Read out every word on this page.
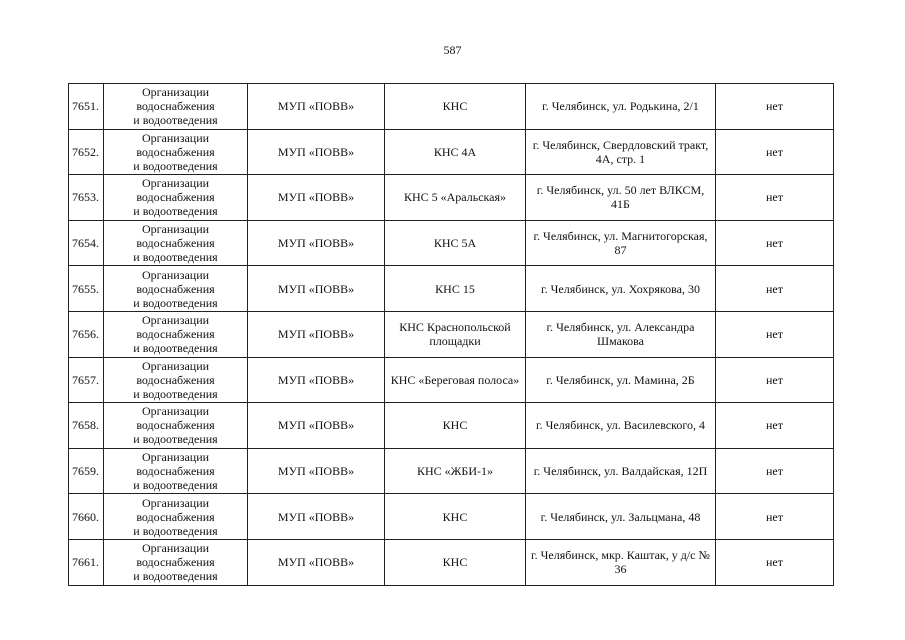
587
7651.	Организации
водоснабжения
и водоотведения	МУП «ПОВВ»	КНС	г. Челябинск, ул. Родькина, 2/1	нет
7652.	Организации
водоснабжения
и водоотведения	МУП «ПОВВ»	КНС 4А	г. Челябинск, Свердловский тракт, 4А, стр. 1	нет
7653.	Организации
водоснабжения
и водоотведения	МУП «ПОВВ»	КНС 5 «Аральская»	г. Челябинск, ул. 50 лет ВЛКСМ, 41Б	нет
7654.	Организации
водоснабжения
и водоотведения	МУП «ПОВВ»	КНС 5А	г. Челябинск, ул. Магнитогорская, 87	нет
7655.	Организации
водоснабжения
и водоотведения	МУП «ПОВВ»	КНС 15	г. Челябинск, ул. Хохрякова, 30	нет
7656.	Организации
водоснабжения
и водоотведения	МУП «ПОВВ»	КНС Краснопольской площадки	г. Челябинск, ул. Александра Шмакова	нет
7657.	Организации
водоснабжения
и водоотведения	МУП «ПОВВ»	КНС «Береговая полоса»	г. Челябинск, ул. Мамина, 2Б	нет
7658.	Организации
водоснабжения
и водоотведения	МУП «ПОВВ»	КНС	г. Челябинск, ул. Василевского, 4	нет
7659.	Организации
водоснабжения
и водоотведения	МУП «ПОВВ»	КНС «ЖБИ-1»	г. Челябинск, ул. Валдайская, 12П	нет
7660.	Организации
водоснабжения
и водоотведения	МУП «ПОВВ»	КНС	г. Челябинск, ул. Зальцмана, 48	нет
7661.	Организации
водоснабжения
и водоотведения	МУП «ПОВВ»	КНС	г. Челябинск, мкр. Каштак, у д/с № 36	нет
